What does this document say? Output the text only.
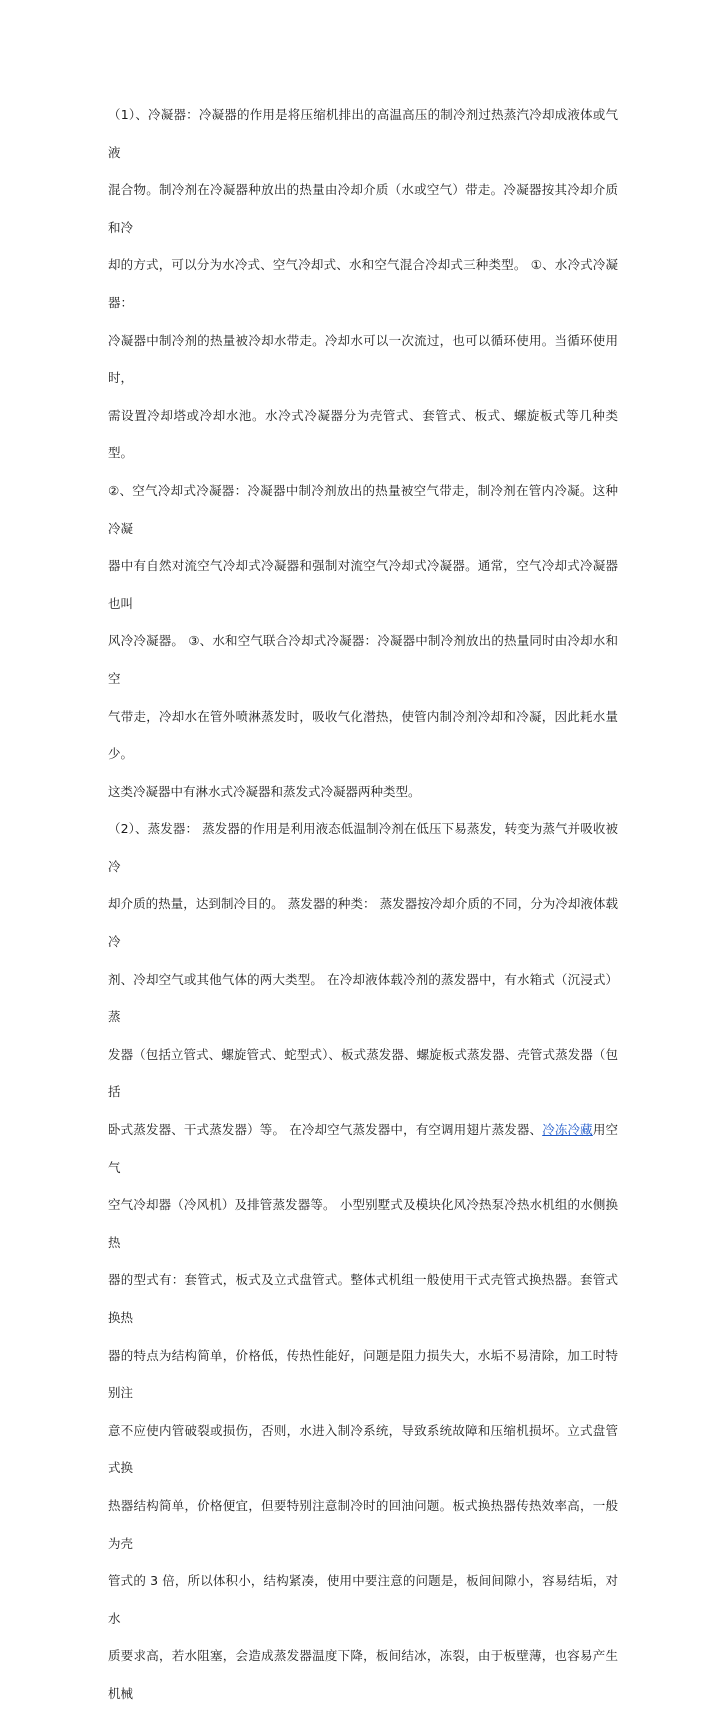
（1）、冷凝器：冷凝器的作用是将压缩机排出的高温高压的制冷剂过热蒸汽冷却成液体或气液
混合物。制冷剂在冷凝器种放出的热量由冷却介质（水或空气）带走。冷凝器按其冷却介质和冷
却的方式，可以分为水冷式、空气冷却式、水和空气混合冷却式三种类型。 ①、水冷式冷凝器：
冷凝器中制冷剂的热量被冷却水带走。冷却水可以一次流过，也可以循环使用。当循环使用时，
需设置冷却塔或冷却水池。水冷式冷凝器分为壳管式、套管式、板式、螺旋板式等几种类型。
②、空气冷却式冷凝器：冷凝器中制冷剂放出的热量被空气带走，制冷剂在管内冷凝。这种冷凝
器中有自然对流空气冷却式冷凝器和强制对流空气冷却式冷凝器。通常，空气冷却式冷凝器也叫
风冷冷凝器。 ③、水和空气联合冷却式冷凝器：冷凝器中制冷剂放出的热量同时由冷却水和空
气带走，冷却水在管外喷淋蒸发时，吸收气化潜热，使管内制冷剂冷却和冷凝，因此耗水量少。
这类冷凝器中有淋水式冷凝器和蒸发式冷凝器两种类型。
（2）、蒸发器： 蒸发器的作用是利用液态低温制冷剂在低压下易蒸发，转变为蒸气并吸收被冷
却介质的热量，达到制冷目的。 蒸发器的种类： 蒸发器按冷却介质的不同，分为冷却液体载冷
剂、冷却空气或其他气体的两大类型。 在冷却液体载冷剂的蒸发器中，有水箱式（沉浸式）蒸
发器（包括立管式、螺旋管式、蛇型式）、板式蒸发器、螺旋板式蒸发器、壳管式蒸发器（包括
卧式蒸发器、干式蒸发器）等。 在冷却空气蒸发器中，有空调用翅片蒸发器、冷冻冷藏用空气
空气冷却器（冷风机）及排管蒸发器等。 小型别墅式及模块化风冷热泵冷热水机组的水侧换热
器的型式有：套管式，板式及立式盘管式。整体式机组一般使用干式壳管式换热器。套管式换热
器的特点为结构简单，价格低，传热性能好，问题是阻力损失大，水垢不易清除，加工时特别注
意不应使内管破裂或损伤，否则，水进入制冷系统，导致系统故障和压缩机损坏。立式盘管式换
热器结构简单，价格便宜，但要特别注意制冷时的回油问题。板式换热器传热效率高，一般为壳
管式的 3 倍，所以体积小，结构紧凑，使用中要注意的问题是，板间间隙小，容易结垢，对水
质要求高，若水阻塞，会造成蒸发器温度下降，板间结冰，冻裂，由于板壁薄，也容易产生机械
